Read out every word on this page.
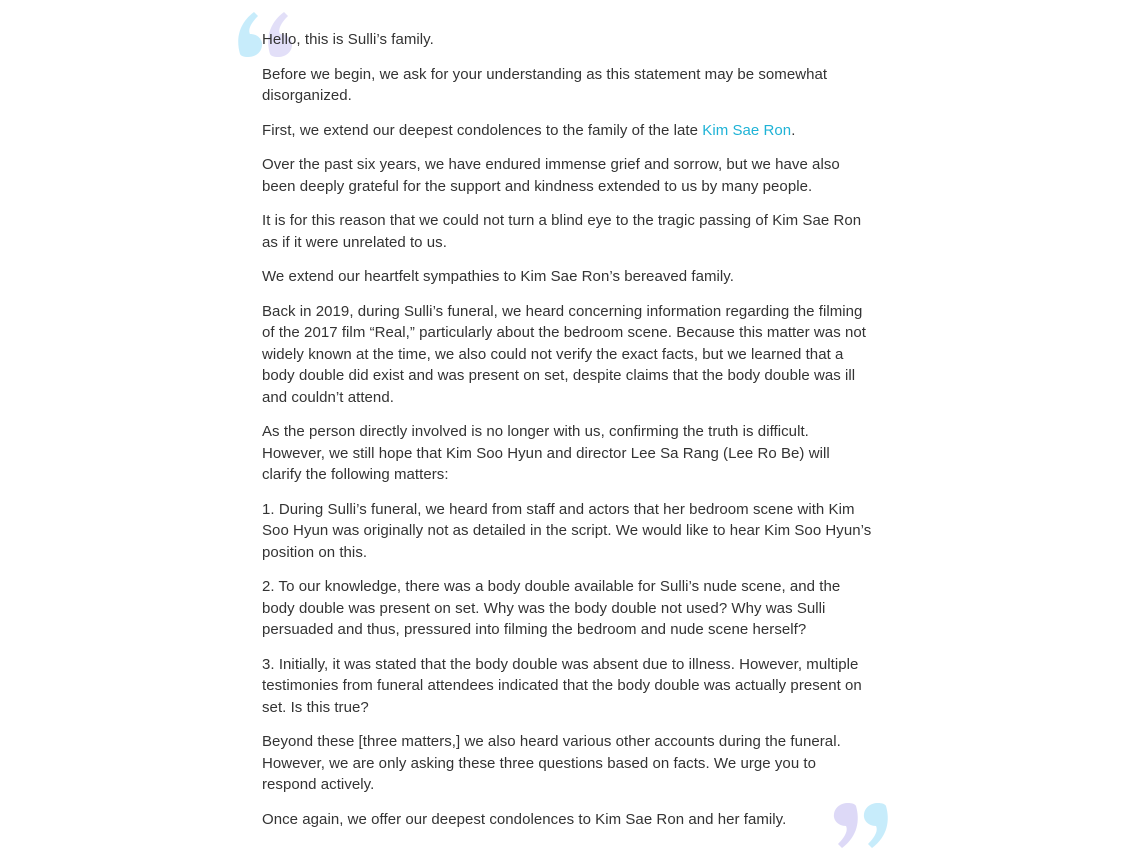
Hello, this is Sulli’s family.

Before we begin, we ask for your understanding as this statement may be somewhat disorganized.

First, we extend our deepest condolences to the family of the late Kim Sae Ron.

Over the past six years, we have endured immense grief and sorrow, but we have also been deeply grateful for the support and kindness extended to us by many people.

It is for this reason that we could not turn a blind eye to the tragic passing of Kim Sae Ron as if it were unrelated to us.

We extend our heartfelt sympathies to Kim Sae Ron’s bereaved family.

Back in 2019, during Sulli’s funeral, we heard concerning information regarding the filming of the 2017 film “Real,” particularly about the bedroom scene. Because this matter was not widely known at the time, we also could not verify the exact facts, but we learned that a body double did exist and was present on set, despite claims that the body double was ill and couldn’t attend.

As the person directly involved is no longer with us, confirming the truth is difficult. However, we still hope that Kim Soo Hyun and director Lee Sa Rang (Lee Ro Be) will clarify the following matters:

1. During Sulli’s funeral, we heard from staff and actors that her bedroom scene with Kim Soo Hyun was originally not as detailed in the script. We would like to hear Kim Soo Hyun’s position on this.

2. To our knowledge, there was a body double available for Sulli’s nude scene, and the body double was present on set. Why was the body double not used? Why was Sulli persuaded and thus, pressured into filming the bedroom and nude scene herself?

3. Initially, it was stated that the body double was absent due to illness. However, multiple testimonies from funeral attendees indicated that the body double was actually present on set. Is this true?

Beyond these [three matters,] we also heard various other accounts during the funeral. However, we are only asking these three questions based on facts. We urge you to respond actively.

Once again, we offer our deepest condolences to Kim Sae Ron and her family.
